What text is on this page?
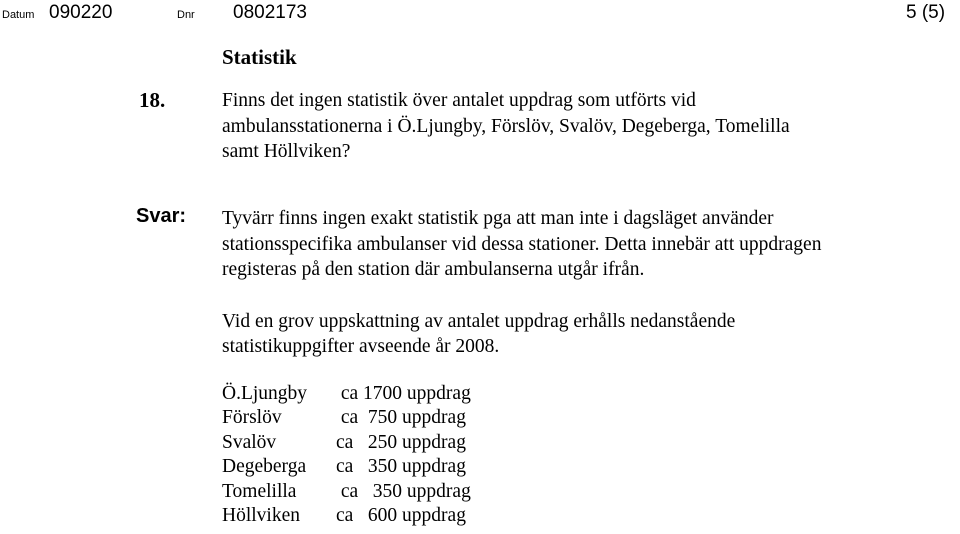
Datum 090220	Dnr 0802173	5 (5)
Statistik
18.	Finns det ingen statistik över antalet uppdrag som utförts vid
ambulansstationerna i Ö.Ljungby, Förslöv, Svalöv, Degeberga, Tomelilla
samt Höllviken?
Svar: Tyvärr finns ingen exakt statistik pga att man inte i dagsläget använder
stationsspecifika ambulanser vid dessa stationer. Detta innebär att uppdragen
registeras på den station där ambulanserna utgår ifrån.
Vid en grov uppskattning av antalet uppdrag erhålls nedanstående
statistikuppgifter avseende år 2008.
Ö.Ljungby ca 1700 uppdrag
Förslöv	ca  750 uppdrag
Svalöv	ca   250 uppdrag
Degeberga ca   350 uppdrag
Tomelilla ca   350 uppdrag
Höllviken ca   600 uppdrag
